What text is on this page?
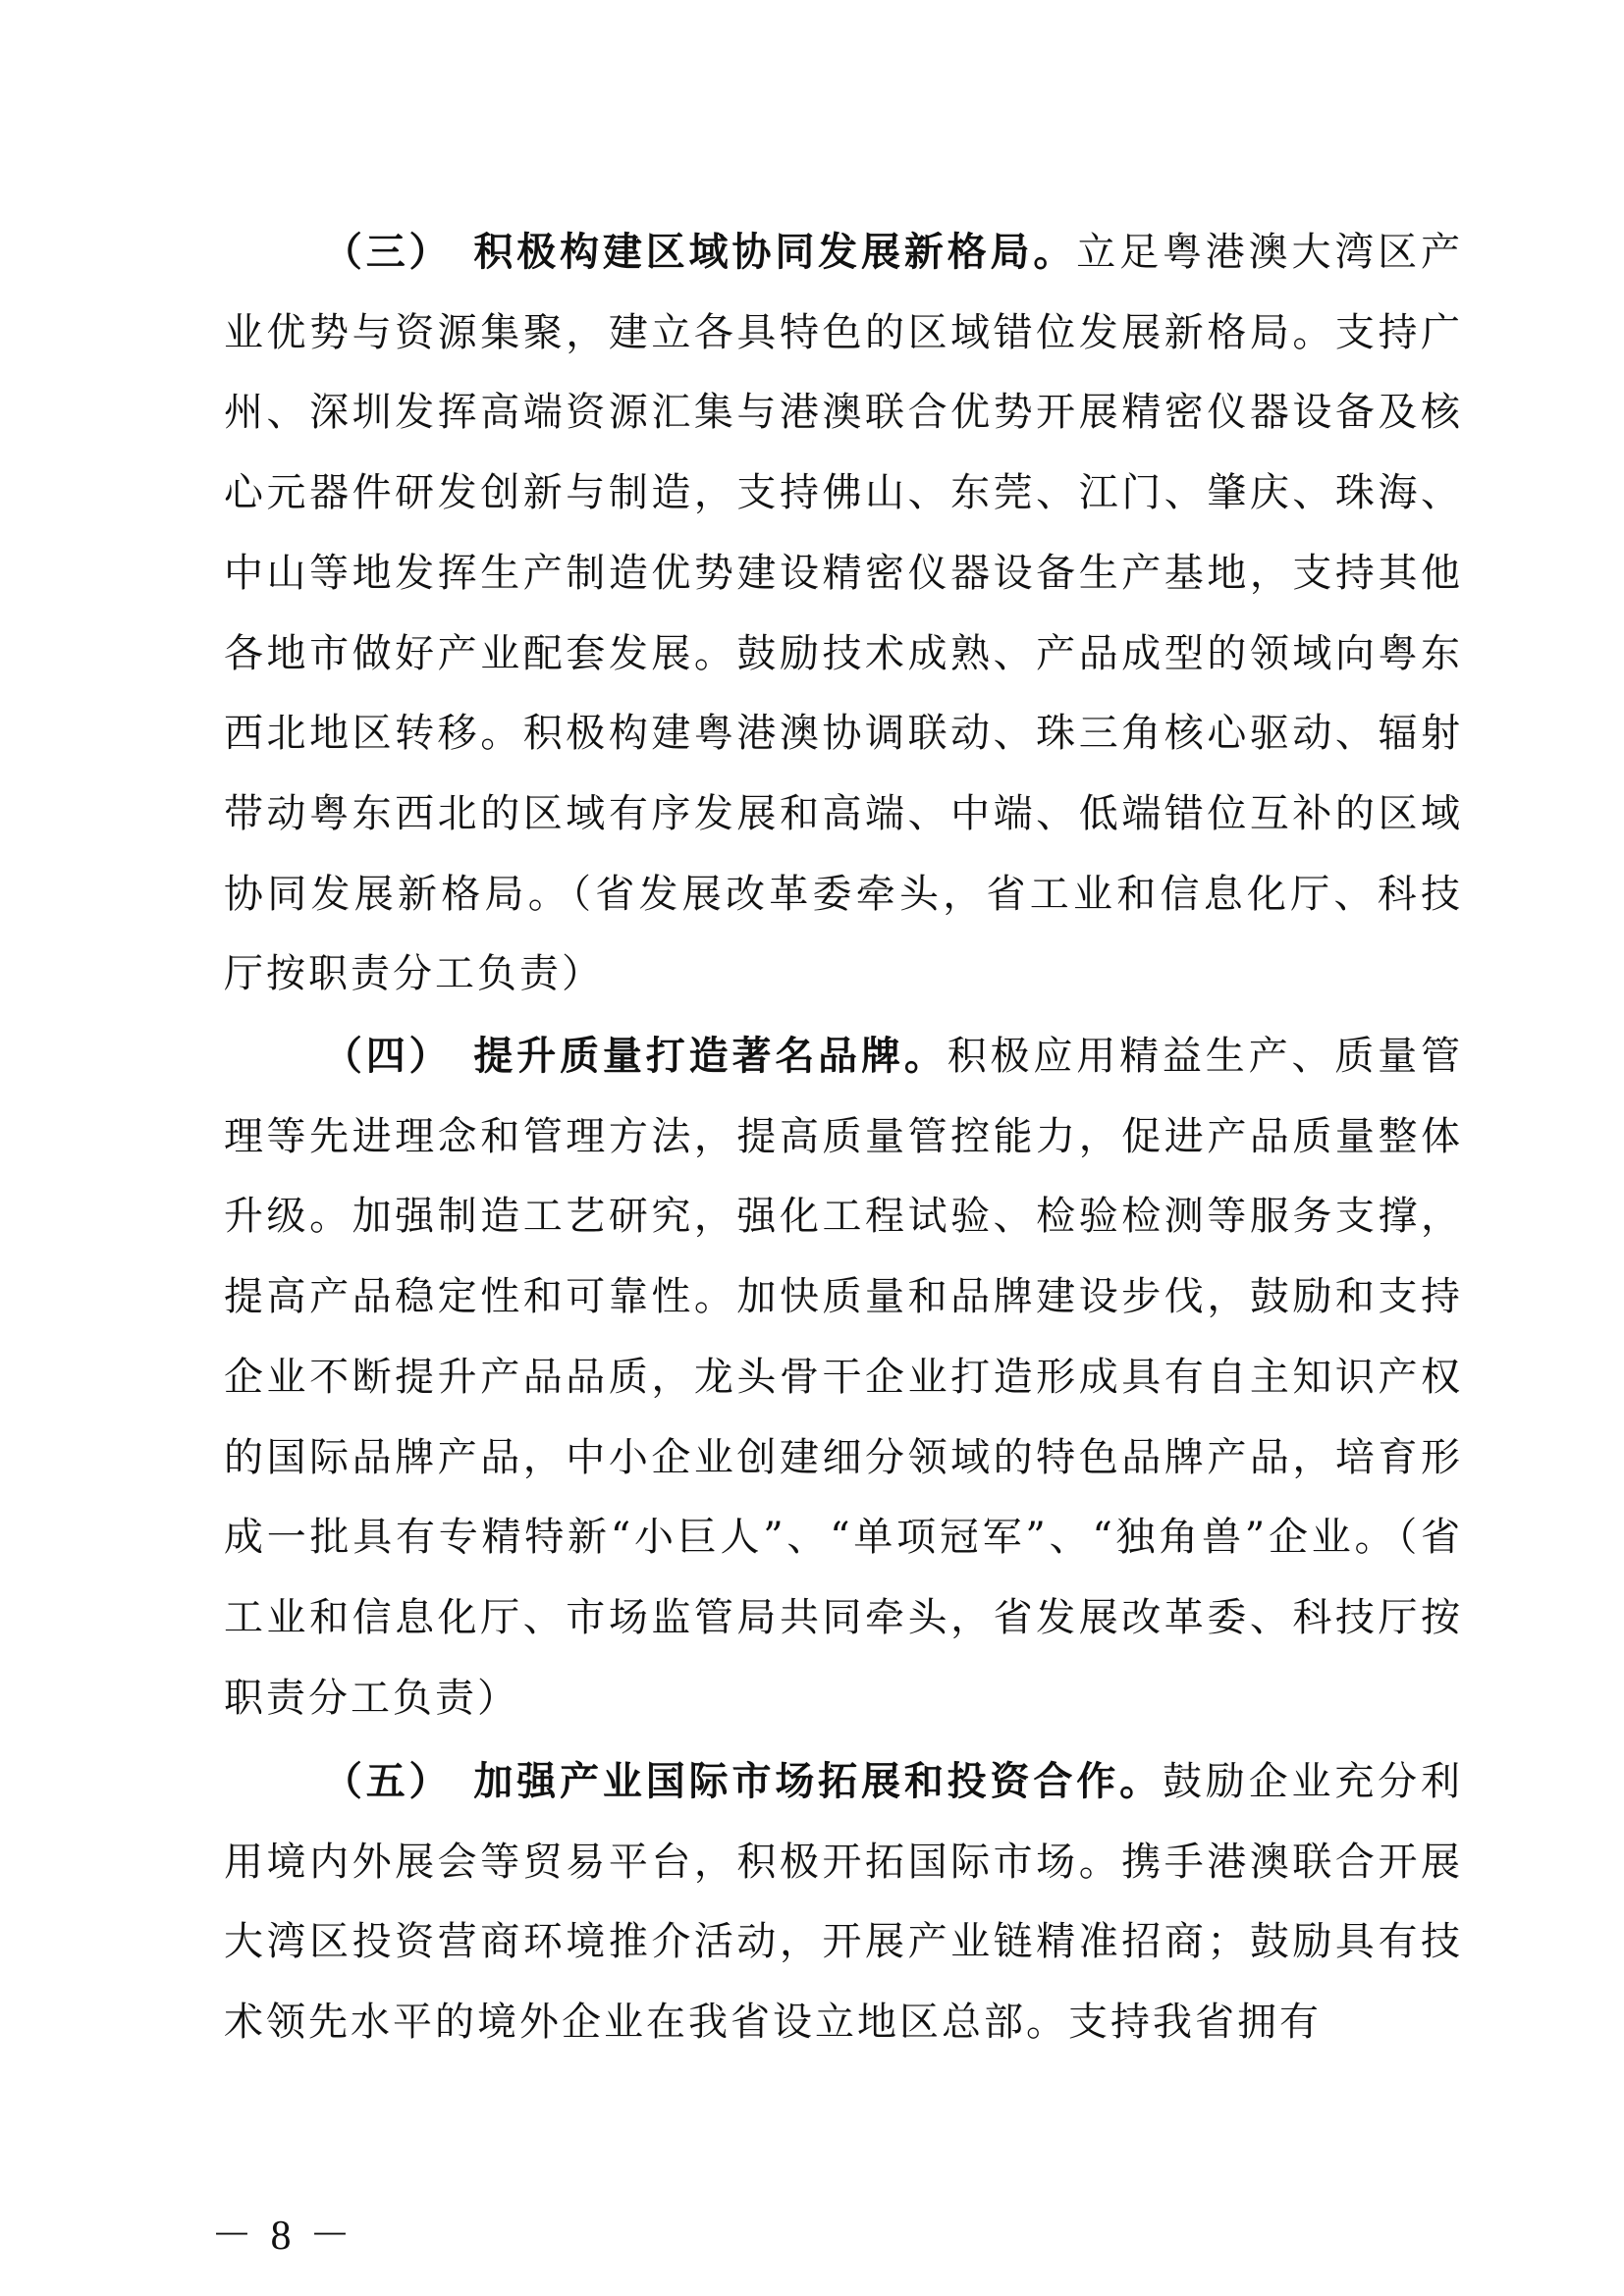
（三） 积极构建区域协同发展新格局。立足粤港澳大湾区产业优势与资源集聚，建立各具特色的区域错位发展新格局。支持广州、深圳发挥高端资源汇集与港澳联合优势开展精密仪器设备及核心元器件研发创新与制造，支持佛山、东莞、江门、肇庆、珠海、中山等地发挥生产制造优势建设精密仪器设备生产基地，支持其他各地市做好产业配套发展。鼓励技术成熟、产品成型的领域向粤东西北地区转移。积极构建粤港澳协调联动、珠三角核心驱动、辐射带动粤东西北的区域有序发展和高端、中端、低端错位互补的区域协同发展新格局。（省发展改革委牵头，省工业和信息化厅、科技厅按职责分工负责）

（四） 提升质量打造著名品牌。积极应用精益生产、质量管理等先进理念和管理方法，提高质量管控能力，促进产品质量整体升级。加强制造工艺研究，强化工程试验、检验检测等服务支撑，提高产品稳定性和可靠性。加快质量和品牌建设步伐，鼓励和支持企业不断提升产品品质，龙头骨干企业打造形成具有自主知识产权的国际品牌产品，中小企业创建细分领域的特色品牌产品，培育形成一批具有专精特新“小巨人”、“单项冠军”、“独角兽”企业。（省工业和信息化厅、市场监管局共同牵头，省发展改革委、科技厅按职责分工负责）

（五） 加强产业国际市场拓展和投资合作。鼓励企业充分利用境内外展会等贸易平台，积极开拓国际市场。携手港澳联合开展大湾区投资营商环境推介活动，开展产业链精准招商；鼓励具有技术领先水平的境外企业在我省设立地区总部。支持我省拥有

－ 8 －
